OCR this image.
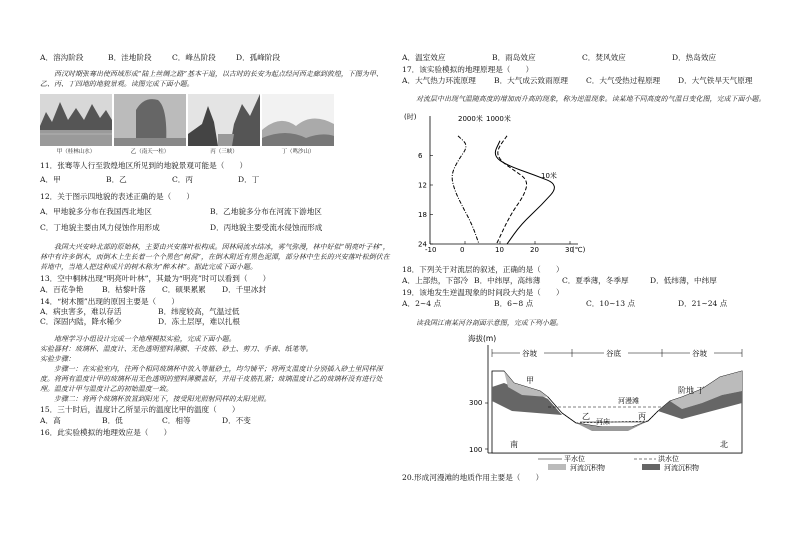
A．溶沟阶段	B．洼地阶段	C．峰丛阶段	D．孤峰阶段
西汉时期张骞出使西域形成“陆上丝绸之路”基本干道，以古时的长安为起点经河西走廊到敦煌，下图为甲、乙、丙、丁四地的地貌景观。读图完成下面小题。
甲（桂林山水）	乙（南天一柱）	丙（三峡）	丁（鸣沙山）
11．张骞等人行至敦煌地区所见到的地貌景观可能是（　　）
A．甲	B．乙	C．丙	D．丁
12．关于图示四地貌的表述正确的是（　　）
A．甲地貌多分布在我国西北地区	B．乙地貌多分布在河流下游地区
C．丁地貌主要由风力侵蚀作用形成	D．丙地貌主要受流水侵蚀而形成
我国大兴安岭北部的原始林，主要由兴安落叶松构成。因林间流水结冰，雾气弥漫，林中好似“明亮叶子林”，林中有许多倒木，而倒木上生长着一个个黑色“树洞”，在倒木附近有黑色泥潭，部分林中生长的兴安落叶松倒伏在苔地中，当地人把这种成片的树木称为“醉木林”。据此完成下面小题。
13．空中桐林出现“明亮叶叶林”，其最为“明亮”时可以看到（　　）
A．百花争艳	B．枯黎叶落	C．硕果累累	D．千里冰封
14．“树木圈”出现的原因主要是（　　）
A．病虫害多，难以存活	B．纬度较高，气温过低
C．深固内陆，降水稀少	D．冻土层厚，难以扎根
地理学习小组设计完成一个地理模拟实验，完成下面小题。
实验器材：玻璃杯、温度计、无色透明塑料薄膜、干皮筋、砂土、剪刀、手表、纸笔等。
实验步骤：
步骤一：在实验室内，往两个相同玻璃杯中放入等量砂土，均匀铺平；将两支温度计分别插入砂土里同样深度。将两有温度计甲的玻璃杯用无色透明的塑料薄膜盖好，并用干皮筋扎紧；玻璃温度计乙的玻璃杯没有进行处理。温度计甲与温度计乙的初始温度一致。
步骤二：将两个玻璃杯放置到阳光下，接受阳光照射同样的太阳光照。
15．三十时后，温度计乙所显示的温度比甲的温度（　　）
A．高	B．低	C．相等	D．不变
16．此实验模拟的地理效应是（　　）
A．温室效应	B．雨岛效应	C．焚风效应	D．热岛效应
17．该实验模拟的地理原理是（　　）
A．大气热力环流原理	B．大气成云致雨原理	C．大气受热过程原理	D．大气铁旱天气原理
对流层中出现气温随高度的增加而升高的现象，称为逆温现象。读某地不同高度的气温日变化图，完成下面小题。
(时)
(℃)
6
12
18
24
-10	0	10	20	30
2000米 1000米
10米
18．下列关于对流层的叙述，正确的是（　　）
A．上部热，下部冷 B．中纬厚，高纬薄	C．夏季薄，冬季厚	D．低纬薄，中纬厚
19．该地发生逆温现象的时间段大约是（　　）
A．2~4 点	B．6~8 点	C．10~13 点	D．21~24 点
读我国江南某河谷剖面示意图，完成下列小题。
海拔(m)
300
100
谷坡	谷底	谷坡
甲
阶地 丁
河漫滩
乙
河床
丙
南	北
平水位	洪水位
河流沉积物	河流沉积物
20.形成河漫滩的地质作用主要是（　　）
